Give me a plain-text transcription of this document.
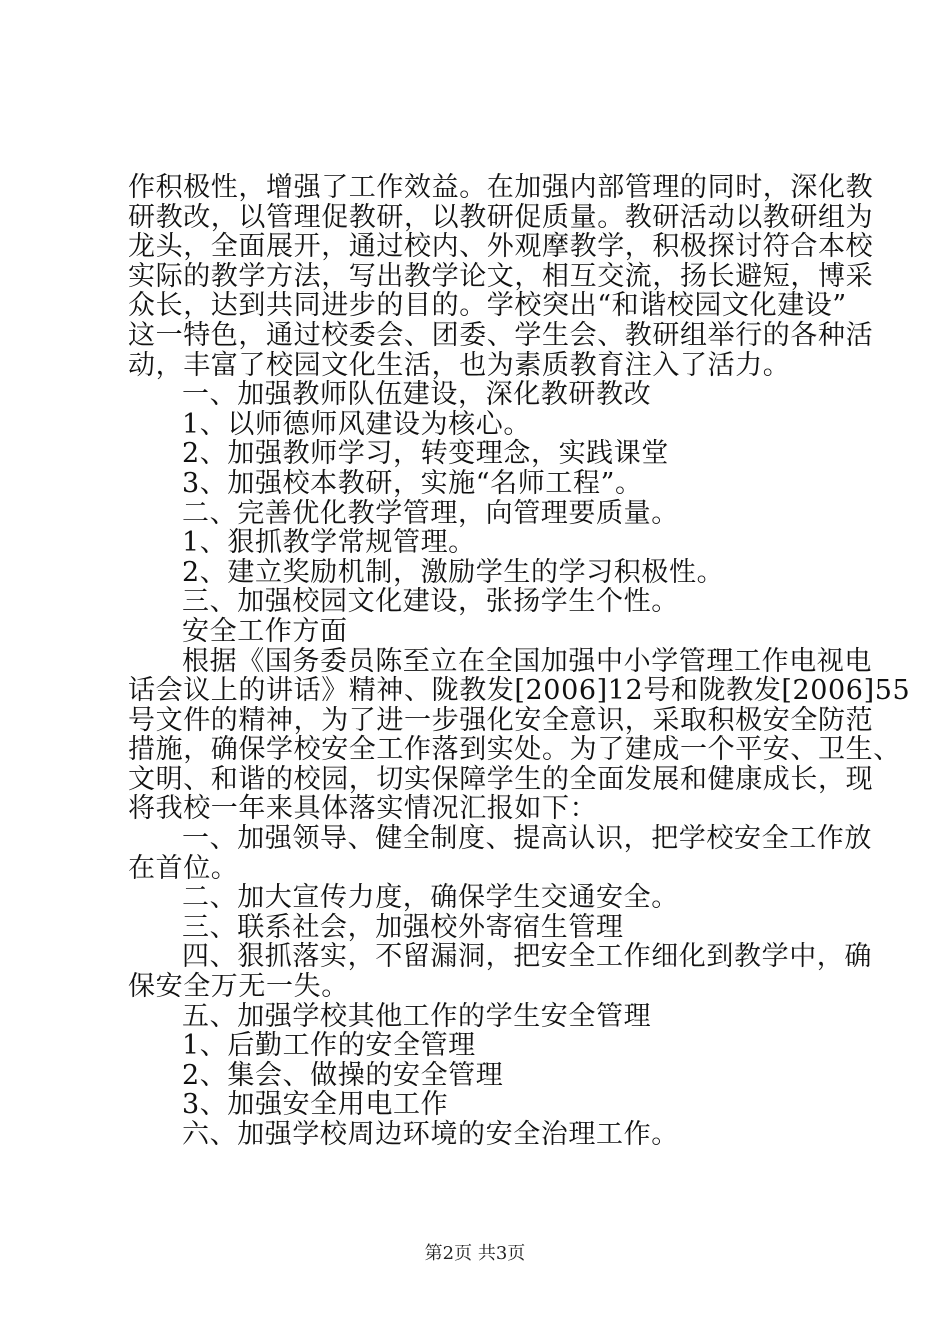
作积极性，增强了工作效益。在加强内部管理的同时，深化教
研教改，以管理促教研，以教研促质量。教研活动以教研组为
龙头，全面展开，通过校内、外观摩教学，积极探讨符合本校
实际的教学方法，写出教学论文，相互交流，扬长避短，博采
众长，达到共同进步的目的。学校突出“和谐校园文化建设”
这一特色，通过校委会、团委、学生会、教研组举行的各种活
动，丰富了校园文化生活，也为素质教育注入了活力。
一、加强教师队伍建设，深化教研教改
1、以师德师风建设为核心。
2、加强教师学习，转变理念，实践课堂
3、加强校本教研，实施“名师工程”。
二、完善优化教学管理，向管理要质量。
1、狠抓教学常规管理。
2、建立奖励机制，激励学生的学习积极性。
三、加强校园文化建设，张扬学生个性。
安全工作方面
根据《国务委员陈至立在全国加强中小学管理工作电视电
话会议上的讲话》精神、陇教发[2006]12号和陇教发[2006]55
号文件的精神，为了进一步强化安全意识，采取积极安全防范
措施，确保学校安全工作落到实处。为了建成一个平安、卫生、
文明、和谐的校园，切实保障学生的全面发展和健康成长，现
将我校一年来具体落实情况汇报如下：
一、加强领导、健全制度、提高认识，把学校安全工作放
在首位。
二、加大宣传力度，确保学生交通安全。
三、联系社会，加强校外寄宿生管理
四、狠抓落实，不留漏洞，把安全工作细化到教学中，确
保安全万无一失。
五、加强学校其他工作的学生安全管理
1、后勤工作的安全管理
2、集会、做操的安全管理
3、加强安全用电工作
六、加强学校周边环境的安全治理工作。
第2页 共3页
